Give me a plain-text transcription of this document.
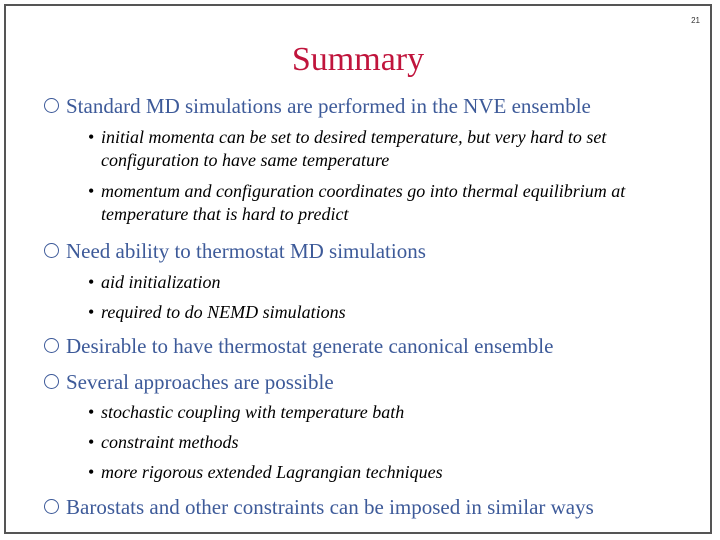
21
Summary
Standard MD simulations are performed in the NVE ensemble
• initial momenta can be set to desired temperature, but very hard to set configuration to have same temperature
• momentum and configuration coordinates go into thermal equilibrium at temperature that is hard to predict
Need ability to thermostat MD simulations
• aid initialization
• required to do NEMD simulations
Desirable to have thermostat generate canonical ensemble
Several approaches are possible
• stochastic coupling with temperature bath
• constraint methods
• more rigorous extended Lagrangian techniques
Barostats and other constraints can be imposed in similar ways
